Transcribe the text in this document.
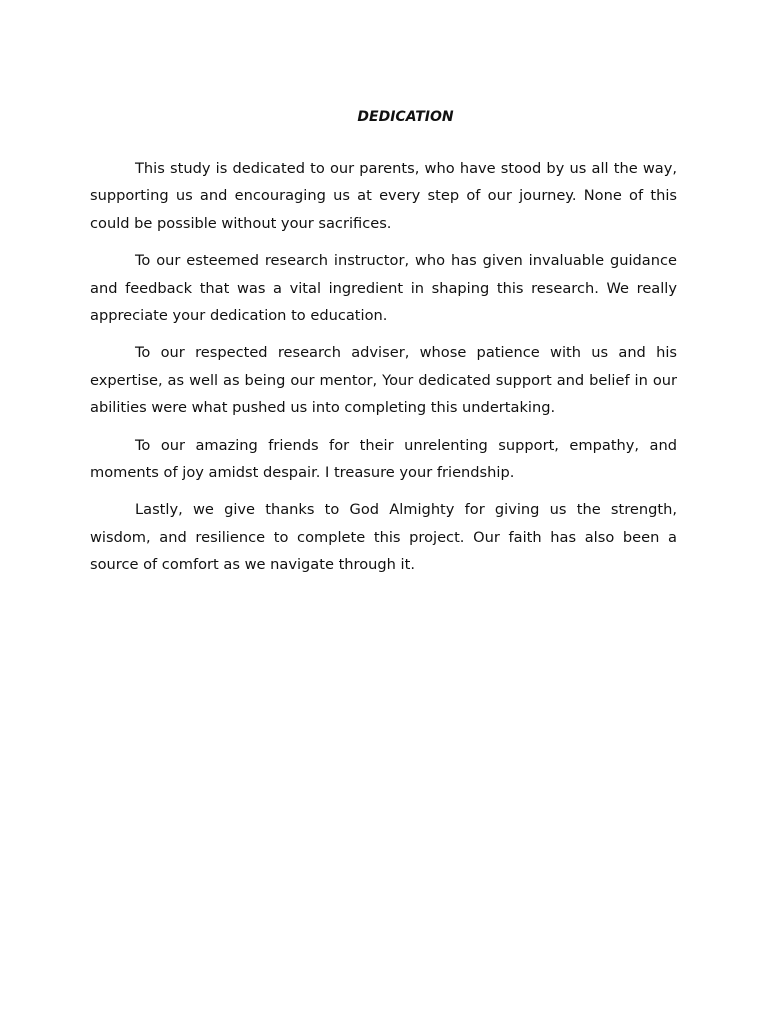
DEDICATION

This study is dedicated to our parents, who have stood by us all the way, supporting us and encouraging us at every step of our journey. None of this could be possible without your sacrifices.

To our esteemed research instructor, who has given invaluable guidance and feedback that was a vital ingredient in shaping this research. We really appreciate your dedication to education.

To our respected research adviser, whose patience with us and his expertise, as well as being our mentor, Your dedicated support and belief in our abilities were what pushed us into completing this undertaking.

To our amazing friends for their unrelenting support, empathy, and moments of joy amidst despair. I treasure your friendship.

Lastly, we give thanks to God Almighty for giving us the strength, wisdom, and resilience to complete this project. Our faith has also been a source of comfort as we navigate through it.
